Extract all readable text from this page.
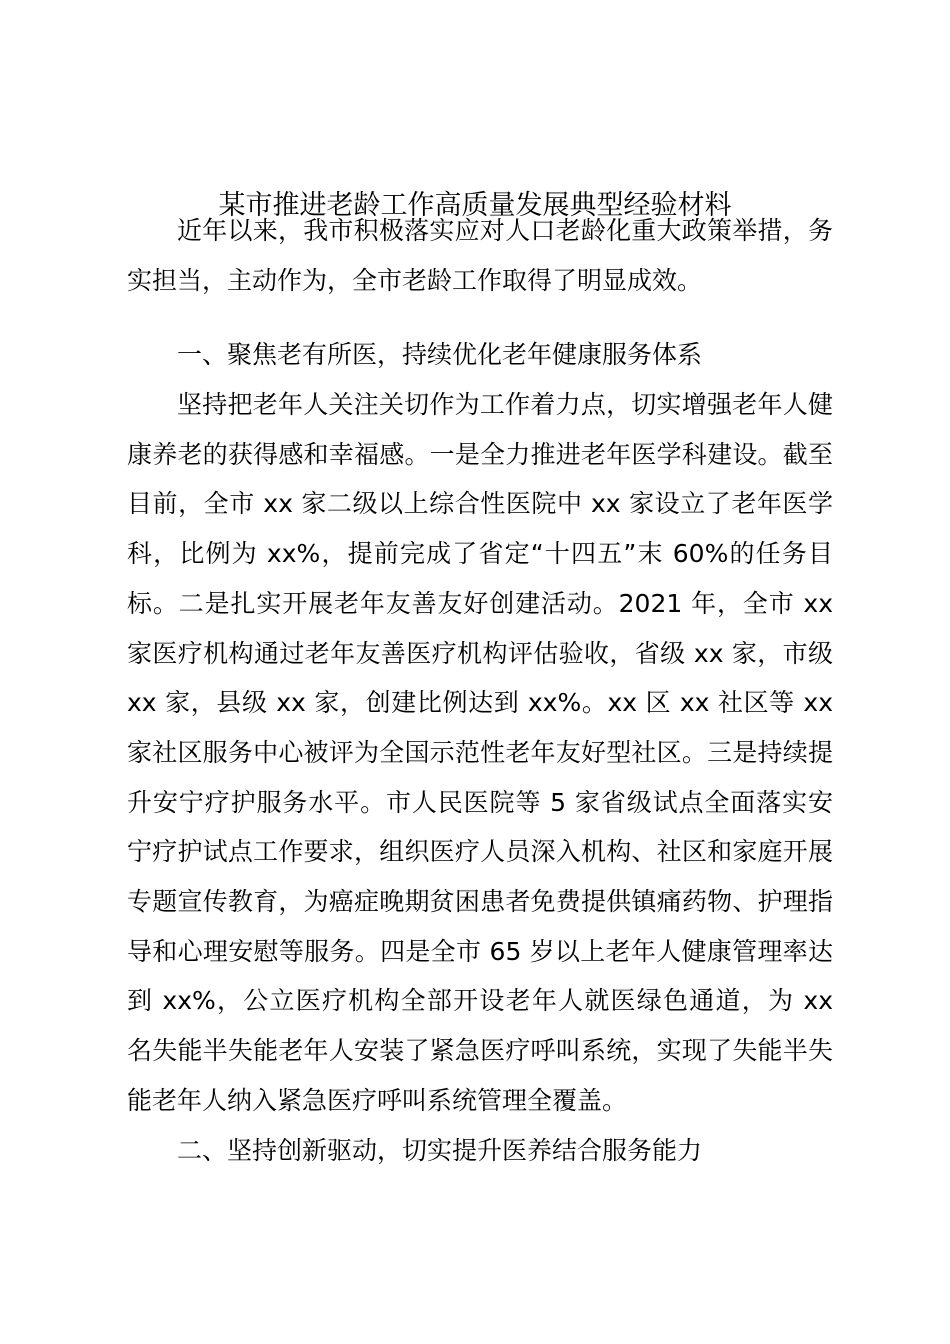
某市推进老龄工作高质量发展典型经验材料

近年以来，我市积极落实应对人口老龄化重大政策举措，务实担当，主动作为，全市老龄工作取得了明显成效。

一、聚焦老有所医，持续优化老年健康服务体系

坚持把老年人关注关切作为工作着力点，切实增强老年人健康养老的获得感和幸福感。一是全力推进老年医学科建设。截至目前，全市 xx 家二级以上综合性医院中 xx 家设立了老年医学科，比例为 xx%，提前完成了省定“十四五”末 60%的任务目标。二是扎实开展老年友善友好创建活动。2021 年，全市 xx 家医疗机构通过老年友善医疗机构评估验收，省级 xx 家，市级 xx 家，县级 xx 家，创建比例达到 xx%。xx 区 xx 社区等 xx 家社区服务中心被评为全国示范性老年友好型社区。三是持续提升安宁疗护服务水平。市人民医院等 5 家省级试点全面落实安宁疗护试点工作要求，组织医疗人员深入机构、社区和家庭开展专题宣传教育，为癌症晚期贫困患者免费提供镇痛药物、护理指导和心理安慰等服务。四是全市 65 岁以上老年人健康管理率达到 xx%，公立医疗机构全部开设老年人就医绿色通道，为 xx 名失能半失能老年人安装了紧急医疗呼叫系统，实现了失能半失能老年人纳入紧急医疗呼叫系统管理全覆盖。

二、坚持创新驱动，切实提升医养结合服务能力
